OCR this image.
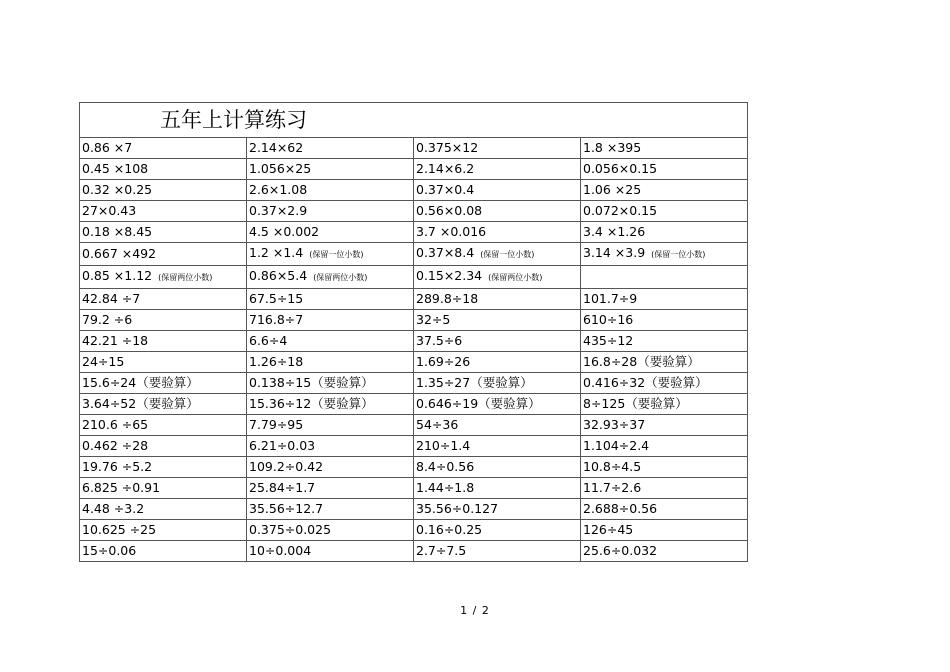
五年上计算练习			
0.86 ×7	2.14×62	0.375×12	1.8 ×395
0.45 ×108	1.056×25	2.14×6.2	0.056×0.15
0.32 ×0.25	2.6×1.08	0.37×0.4	1.06 ×25
27×0.43	0.37×2.9	0.56×0.08	0.072×0.15
0.18 ×8.45	4.5 ×0.002	3.7 ×0.016	3.4 ×1.26
0.667 ×492	1.2 ×1.4 (保留一位小数)	0.37×8.4 (保留一位小数)	3.14 ×3.9 (保留一位小数)
0.85 ×1.12 (保留两位小数)	0.86×5.4 (保留两位小数)	0.15×2.34 (保留两位小数)	
42.84 ÷7	67.5÷15	289.8÷18	101.7÷9
79.2 ÷6	716.8÷7	32÷5	610÷16
42.21 ÷18	6.6÷4	37.5÷6	435÷12
24÷15	1.26÷18	1.69÷26	16.8÷28（要验算）
15.6÷24（要验算）	0.138÷15（要验算）	1.35÷27（要验算）	0.416÷32（要验算）
3.64÷52（要验算）	15.36÷12（要验算）	0.646÷19（要验算）	8÷125（要验算）
210.6 ÷65	7.79÷95	54÷36	32.93÷37
0.462 ÷28	6.21÷0.03	210÷1.4	1.104÷2.4
19.76 ÷5.2	109.2÷0.42	8.4÷0.56	10.8÷4.5
6.825 ÷0.91	25.84÷1.7	1.44÷1.8	11.7÷2.6
4.48 ÷3.2	35.56÷12.7	35.56÷0.127	2.688÷0.56
10.625 ÷25	0.375÷0.025	0.16÷0.25	126÷45
15÷0.06	10÷0.004	2.7÷7.5	25.6÷0.032
1 / 2
